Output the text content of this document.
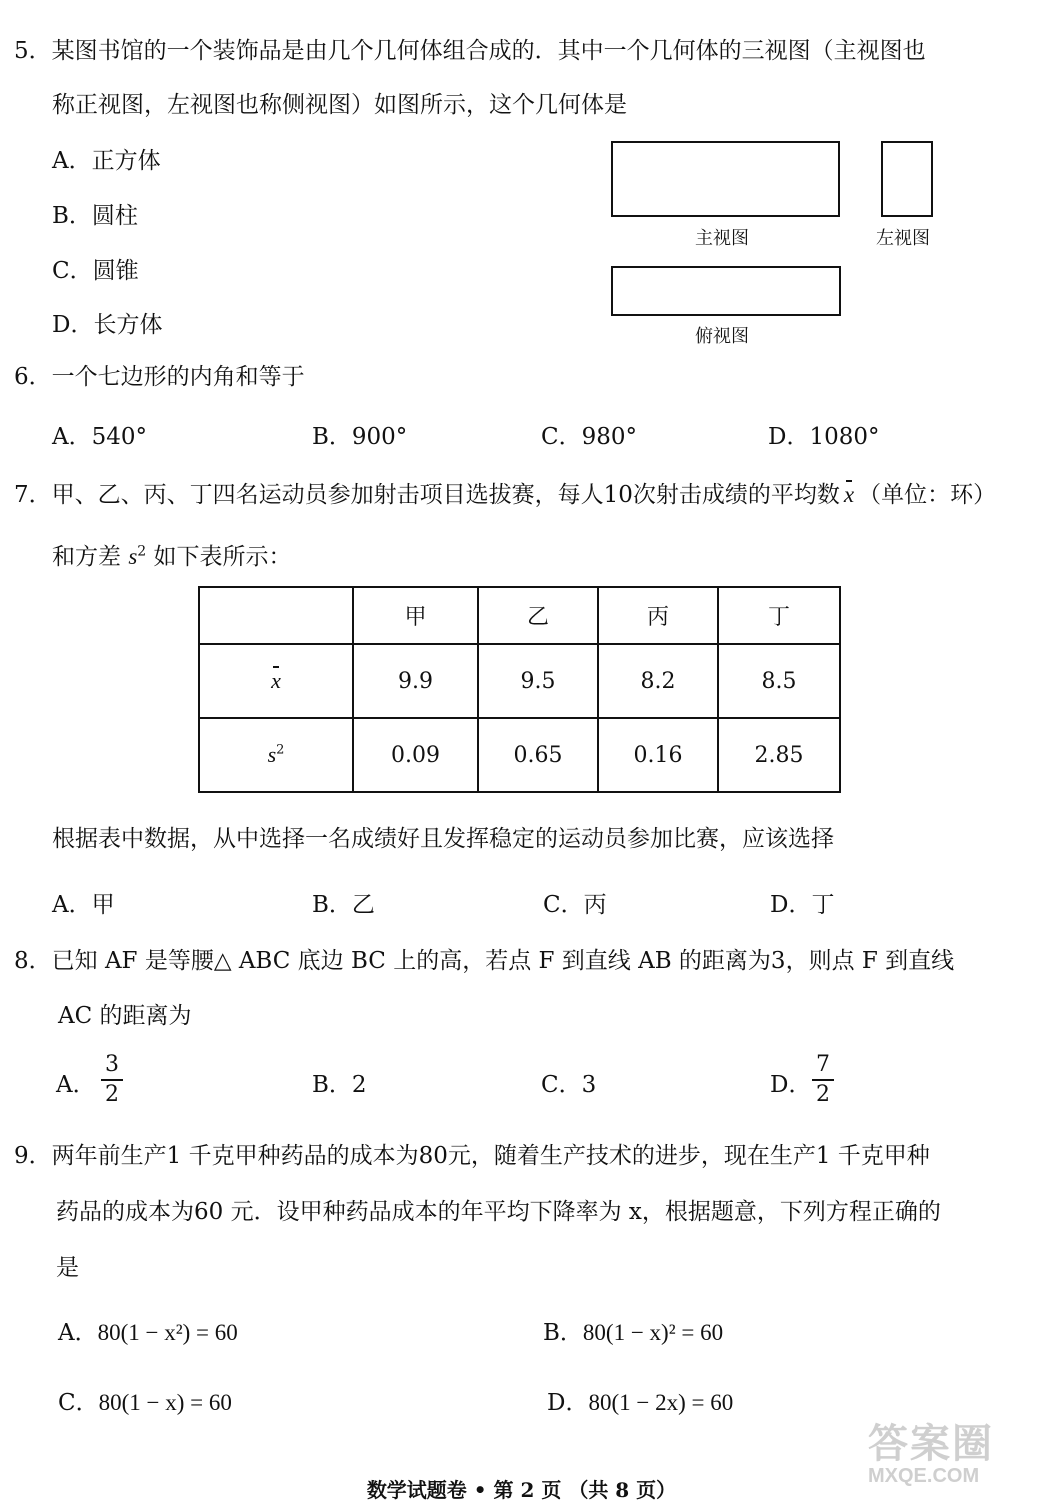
5．某图书馆的一个装饰品是由几个几何体组合成的．其中一个几何体的三视图（主视图也
称正视图，左视图也称侧视图）如图所示，这个几何体是
A．正方体
B．圆柱
C．圆锥
D．长方体
主视图	左视图
俯视图
6．一个七边形的内角和等于
A．540°	B．900°	C．980°	D．1080°
7．甲、乙、丙、丁四名运动员参加射击项目选拔赛，每人10次射击成绩的平均数 x （单位：环）
和方差 $s^2$ 如下表所示：
	甲	乙	丙	丁
x	9.9	9.5	8.2	8.5
$s^2$	0.09	0.65	0.16	2.85
根据表中数据，从中选择一名成绩好且发挥稳定的运动员参加比赛，应该选择
A．甲	B．乙	C．丙	D．丁
8．已知 AF 是等腰△ ABC 底边 BC 上的高，若点 F 到直线 AB 的距离为3，则点 F 到直线
AC 的距离为
A． $\frac{3}{2}$	B．2	C．3	D． $\frac{7}{2}$
9．两年前生产1 千克甲种药品的成本为80元，随着生产技术的进步，现在生产1 千克甲种
药品的成本为60 元．设甲种药品成本的年平均下降率为 x，根据题意，下列方程正确的
是
A．80(1 − x²) = 60	B．80(1 − x)² = 60
C．80(1 − x) = 60	D．80(1 − 2x) = 60
答案圈
MXQE.COM
数学试题卷 • 第 2 页 （共 8 页）
